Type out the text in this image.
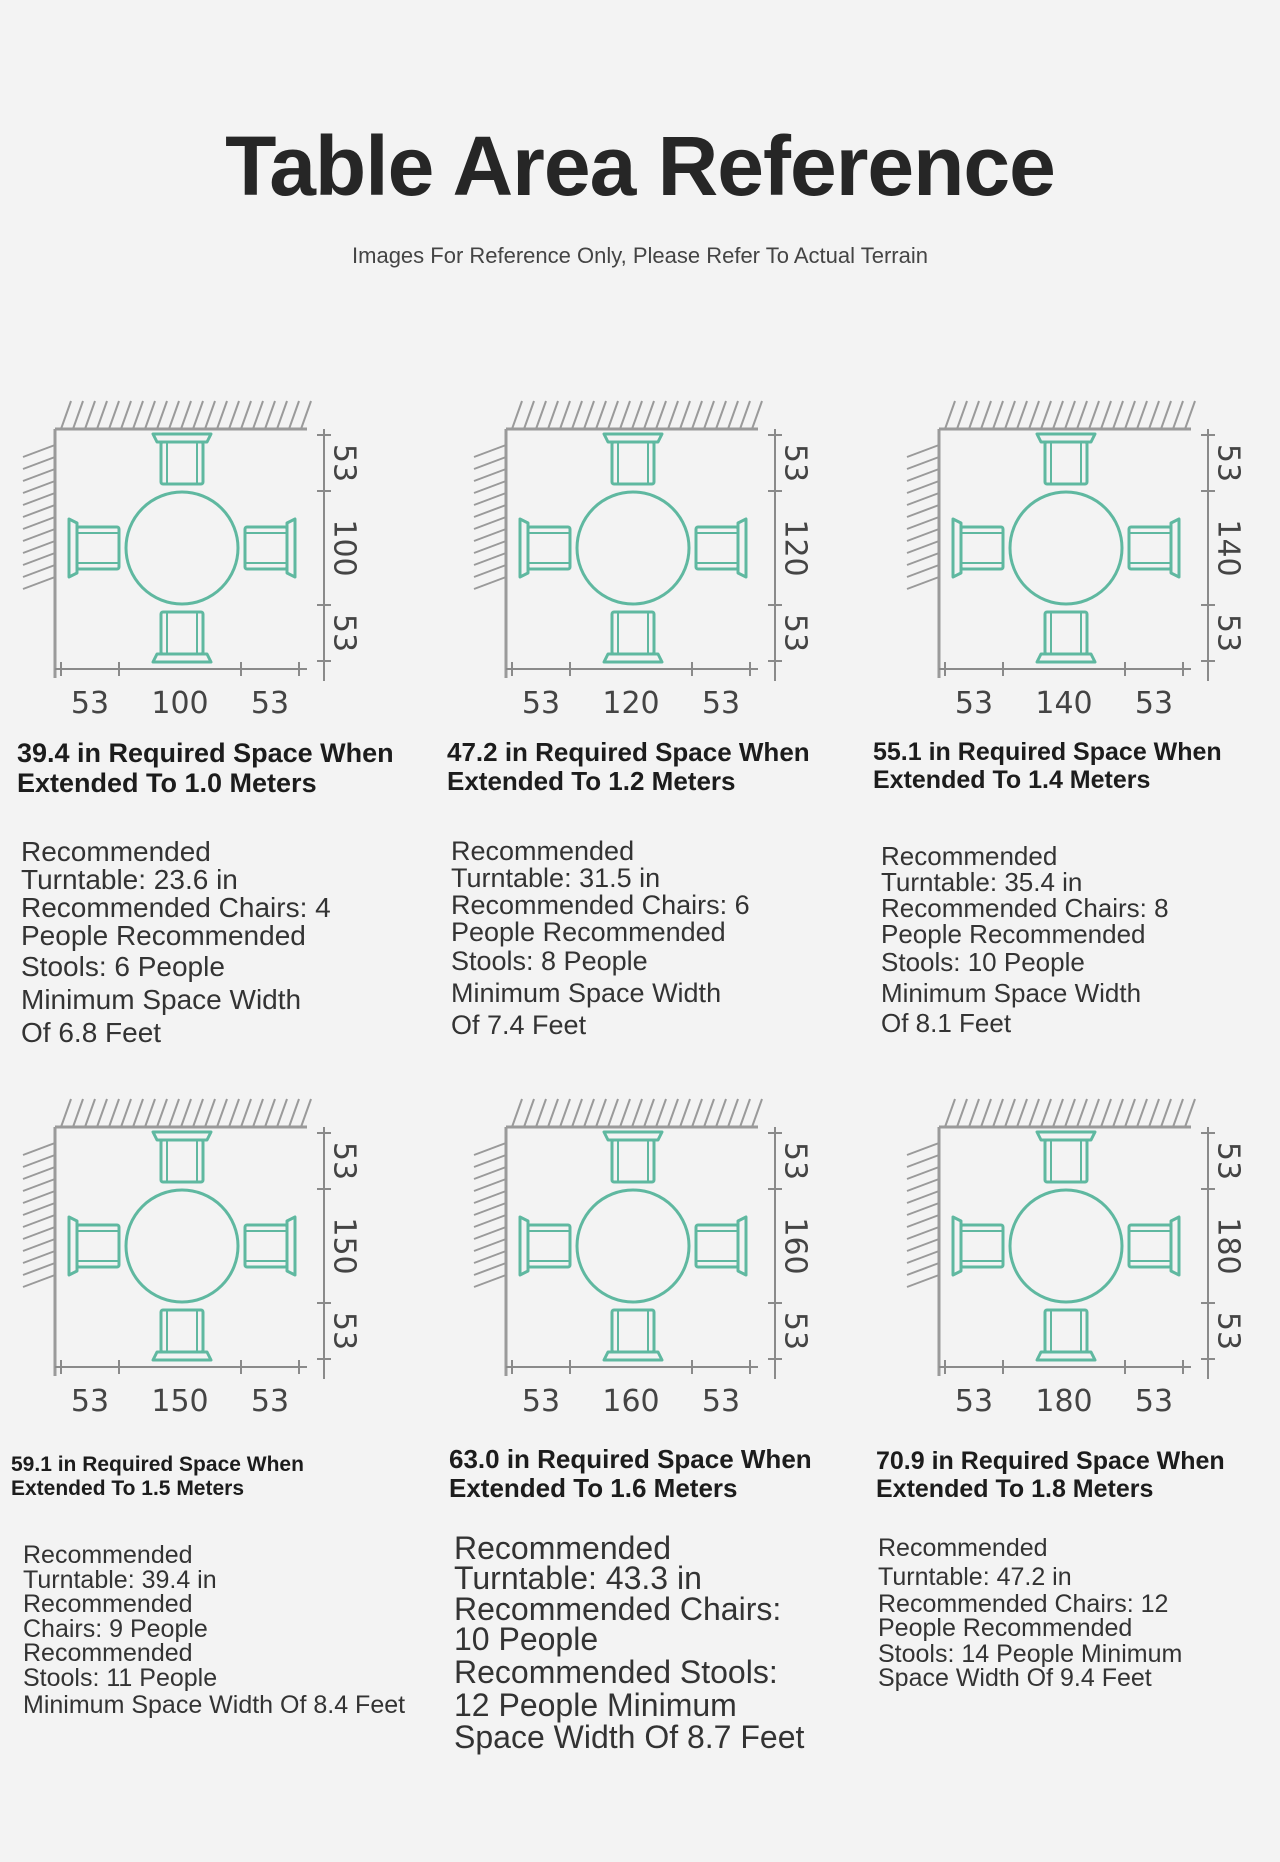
Table Area Reference
Images For Reference Only, Please Refer To Actual Terrain
53
100
53
53 100 53
39.4 in Required Space When
Extended To 1.0 Meters
Recommended
Turntable: 23.6 in
Recommended Chairs: 4
People Recommended
Stools: 6 People
Minimum Space Width
Of 6.8 Feet
53
120
53
53 120 53
47.2 in Required Space When
Extended To 1.2 Meters
Recommended
Turntable: 31.5 in
Recommended Chairs: 6
People Recommended
Stools: 8 People
Minimum Space Width
Of 7.4 Feet
53
140
53
53 140 53
55.1 in Required Space When
Extended To 1.4 Meters
Recommended
Turntable: 35.4 in
Recommended Chairs: 8
People Recommended
Stools: 10 People
Minimum Space Width
Of 8.1 Feet
53
150
53
53 150 53
59.1 in Required Space When
Extended To 1.5 Meters
Recommended
Turntable: 39.4 in
Recommended
Chairs: 9 People
Recommended
Stools: 11 People
Minimum Space Width Of 8.4 Feet
53
160
53
53 160 53
63.0 in Required Space When
Extended To 1.6 Meters
Recommended
Turntable: 43.3 in
Recommended Chairs:
10 People
Recommended Stools:
12 People Minimum
Space Width Of 8.7 Feet
53
180
53
53 180 53
70.9 in Required Space When
Extended To 1.8 Meters
Recommended
Turntable: 47.2 in
Recommended Chairs: 12
People Recommended
Stools: 14 People Minimum
Space Width Of 9.4 Feet
